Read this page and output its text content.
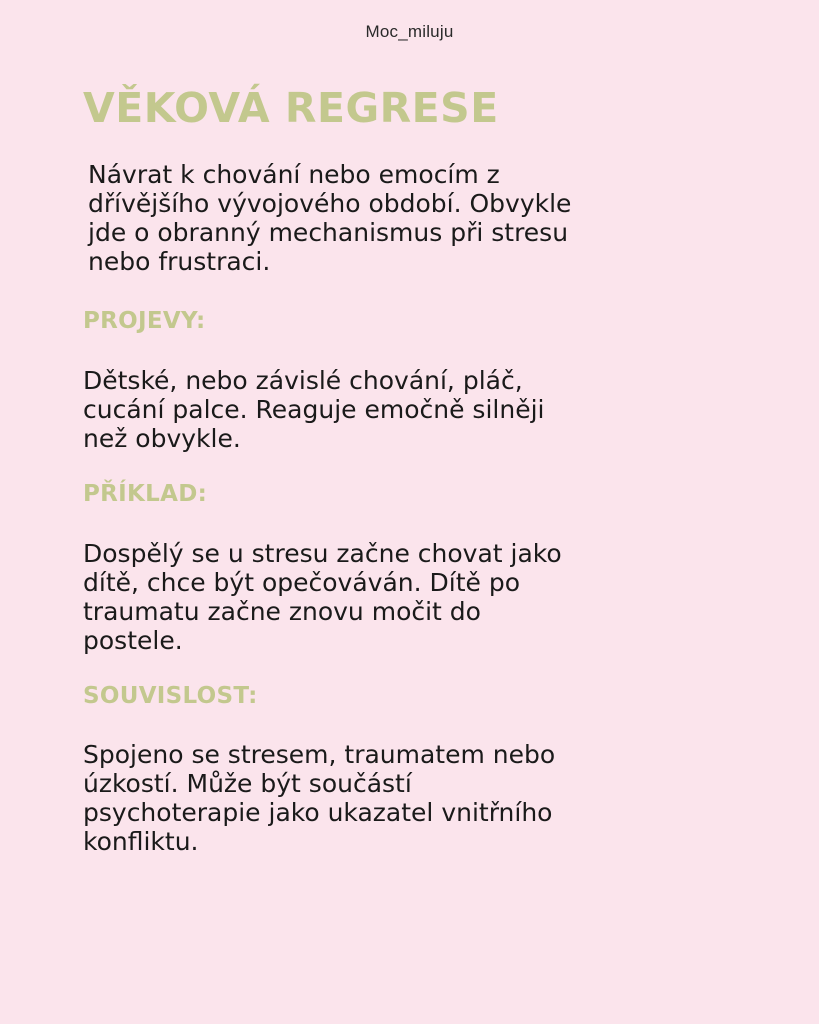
Moc_miluju
VĚKOVÁ REGRESE

Návrat k chování nebo emocím z
dřívějšího vývojového období. Obvykle
jde o obranný mechanismus při stresu
nebo frustraci.

PROJEVY:

Dětské, nebo závislé chování, pláč,
cucání palce. Reaguje emočně silněji
než obvykle.

PŘÍKLAD:

Dospělý se u stresu začne chovat jako
dítě, chce být opečováván. Dítě po
traumatu začne znovu močit do
postele.

SOUVISLOST:

Spojeno se stresem, traumatem nebo
úzkostí. Může být součástí
psychoterapie jako ukazatel vnitřního
konfliktu.
